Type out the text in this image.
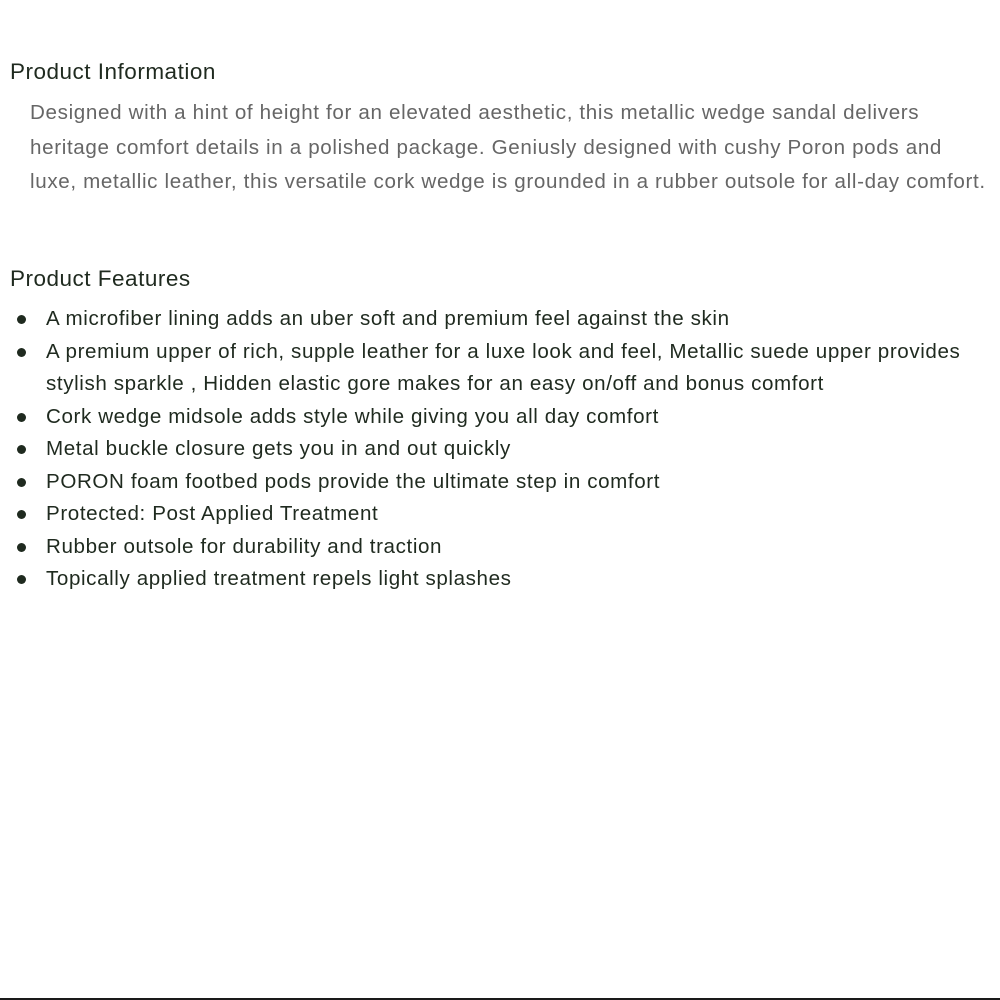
Product Information

Designed with a hint of height for an elevated aesthetic, this metallic wedge sandal delivers heritage comfort details in a polished package. Geniusly designed with cushy Poron pods and luxe, metallic leather, this versatile cork wedge is grounded in a rubber outsole for all-day comfort.

Product Features
A microfiber lining adds an uber soft and premium feel against the skin
A premium upper of rich, supple leather for a luxe look and feel, Metallic suede upper provides stylish sparkle , Hidden elastic gore makes for an easy on/off and bonus comfort
Cork wedge midsole adds style while giving you all day comfort
Metal buckle closure gets you in and out quickly
PORON foam footbed pods provide the ultimate step in comfort
Protected: Post Applied Treatment
Rubber outsole for durability and traction
Topically applied treatment repels light splashes
